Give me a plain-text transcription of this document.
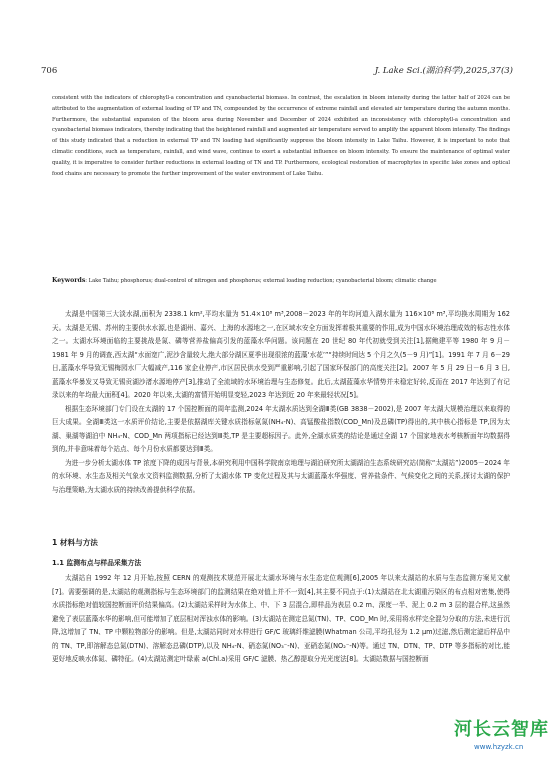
706	J. Lake Sci.(湖泊科学),2025,37(3)

consistent with the indicators of chlorophyll-a concentration and cyanobacterial biomass. In contrast, the escalation in bloom intensity during the latter half of 2024 can be attributed to the augmentation of external loading of TP and TN, compounded by the occurrence of extreme rainfall and elevated air temperature during the autumn months. Furthermore, the substantial expansion of the bloom area during November and December of 2024 exhibited an inconsistency with chlorophyll-a concentration and cyanobacterial biomass indicators, thereby indicating that the heightened rainfall and augmented air temperature served to amplify the apparent bloom intensity. The findings of this study indicated that a reduction in external TP and TN loading had significantly suppress the bloom intensity in Lake Taihu. However, it is important to note that climatic conditions, such as temperature, rainfall, and wind wave, continue to exert a substantial influence on bloom intensity. To ensure the maintenance of optimal water quality, it is imperative to consider further reductions in external loading of TN and TP. Furthermore, ecological restoration of macrophytes in specific lake zones and optical food chains are necessary to promote the further improvement of the water environment of Lake Taihu.

Keywords: Lake Taihu; phosphorus; dual-control of nitrogen and phosphorus; external loading reduction; cyanobacterial bloom; climatic change

太湖是中国第三大淡水湖,面积为 2338.1 km²,平均水量为 51.4×10⁸ m³,2008－2023 年的年均河道入湖水量为 116×10⁸ m³,平均换水周期为 162 天。太湖是无锡、苏州的主要供水水源,也是湖州、嘉兴、上海的水源地之一,在区域水安全方面发挥着极其重要的作用,成为中国水环境治理成效的标志性水体之一。太湖水环境面临的主要挑战是氮、磷等营养盐偏高引发的蓝藻水华问题。该问题在 20 世纪 80 年代初就受到关注[1],据鲍建平等 1980 年 9 月－1981 年 9 月的调查,西太湖“水面宽广,泥沙含量较大,绝大部分湖区夏季出现很浓的蓝藻‘水花’”“持续时间达 5 个月之久(5－9 月)”[1]。1991 年 7 月 6－29 日,蓝藻水华导致无锡梅园水厂大幅减产,116 家企业停产,市区居民供水受到严重影响,引起了国家环保部门的高度关注[2]。2007 年 5 月 29 日－6 月 3 日,蓝藻水华暴发又导致无锡贡湖沙渚水源地停产[3],推动了全流域的水环境治理与生态修复。此后,太湖蓝藻水华情势并未稳定好转,反而在 2017 年达到了有记录以来的年均最大面积[4]。2020 年以来,太湖的富情开始明显变轻,2023 年达到近 20 年来最轻状况[5]。

根据生态环境部门专门设在太湖的 17 个国控断面的周年监测,2024 年太湖水质达到全湖Ⅲ类(GB 3838－2002),是 2007 年太湖大规模治理以来取得的巨大成果。全湖Ⅲ类这一水质评价结论,主要是依据湖库关键水质指标氨氮(NH₄-N)、高锰酸盐指数(COD_Mn)及总磷(TP)得出的,其中核心指标是 TP,因为太湖、巢湖等湖泊中 NH₄-N、COD_Mn 两项指标已经达到Ⅲ类,TP 是主要超标因子。此外,全湖水质类的结论是通过全湖 17 个国家地表水考核断面年均数据得到的,并非意味着每个站点、每个月份水质都要达到Ⅲ类。

为进一步分析太湖水体 TP 浓度下降的成因与背景,本研究利用中国科学院南京地理与湖泊研究所太湖湖泊生态系统研究站(简称“太湖站”)2005－2024 年的水环境、水生态及相关气象水文资料监测数据,分析了太湖水体 TP 变化过程及其与太湖蓝藻水华强度、营养盐条件、气候变化之间的关系,探讨太湖的保护与治理策略,为太湖水质的持续改善提供科学依据。

1 材料与方法
1.1 监测布点与样品采集方法

太湖站自 1992 年 12 月开始,按照 CERN 的观测技术规范开展北太湖水环境与水生态定位观测[6],2005 年以来太湖站的水质与生态监测方案见文献[7]。需要强调的是,太湖站的观测指标与生态环境部门的监测结果在绝对值上并不一致[4],其主要不同点于:(1)太湖站在北太湖重污染区的布点相对密集,使得水质指标绝对值较国控断面评价结果偏高。(2)太湖站采样时为水体上、中、下 3 层混合,即样品为表层 0.2 m、深度一半、泥上 0.2 m 3 层的混合样,这虽然避免了表层蓝藻水华的影响,但可能增加了底层相对浑浊水体的影响。(3)太湖站在测定总氮(TN)、TP、COD_Mn 时,采用将水样完全混匀分取的方法,未进行沉降,这增加了 TN、TP 中颗粒物部分的影响。但是,太湖站同时对水样进行 GF/C 玻璃纤维滤膜(Whatman 公司,平均孔径为 1.2 μm)过滤,然后测定滤后样品中的 TN、TP,即溶解态总氮(DTN)、溶解态总磷(DTP),以及 NH₄-N、硝态氮(NO₃⁻-N)、亚硝态氮(NO₂⁻-N)等。通过 TN、DTN、TP、DTP 等多指标的对比,能更好地反映水体氮、磷特征。(4)太湖站测定叶绿素 a(Chl.a)采用 GF/C 滤膜、热乙醇提取分光光度法[8]。太湖站数据与国控断面

河长云智库
www.hzyzk.cn
